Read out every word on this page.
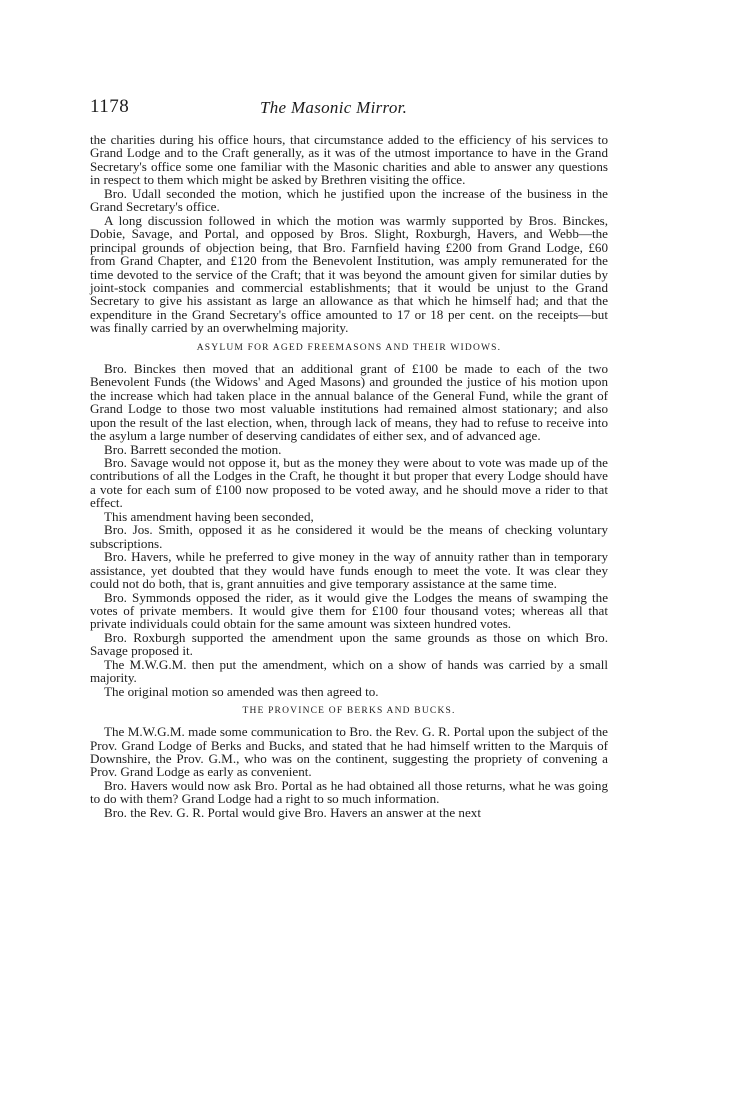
1178	The Masonic Mirror.

the charities during his office hours, that circumstance added to the efficiency of his services to Grand Lodge and to the Craft generally, as it was of the utmost importance to have in the Grand Secretary's office some one familiar with the Masonic charities and able to answer any questions in respect to them which might be asked by Brethren visiting the office.

Bro. Udall seconded the motion, which he justified upon the increase of the business in the Grand Secretary's office.

A long discussion followed in which the motion was warmly supported by Bros. Binckes, Dobie, Savage, and Portal, and opposed by Bros. Slight, Roxburgh, Havers, and Webb—the principal grounds of objection being, that Bro. Farnfield having £200 from Grand Lodge, £60 from Grand Chapter, and £120 from the Benevolent Institution, was amply remunerated for the time devoted to the service of the Craft; that it was beyond the amount given for similar duties by joint-stock companies and commercial establishments; that it would be unjust to the Grand Secretary to give his assistant as large an allowance as that which he himself had; and that the expenditure in the Grand Secretary's office amounted to 17 or 18 per cent. on the receipts—but was finally carried by an overwhelming majority.

ASYLUM FOR AGED FREEMASONS AND THEIR WIDOWS.

Bro. Binckes then moved that an additional grant of £100 be made to each of the two Benevolent Funds (the Widows' and Aged Masons) and grounded the justice of his motion upon the increase which had taken place in the annual balance of the General Fund, while the grant of Grand Lodge to those two most valuable institutions had remained almost stationary; and also upon the result of the last election, when, through lack of means, they had to refuse to receive into the asylum a large number of deserving candidates of either sex, and of advanced age.

Bro. Barrett seconded the motion.

Bro. Savage would not oppose it, but as the money they were about to vote was made up of the contributions of all the Lodges in the Craft, he thought it but proper that every Lodge should have a vote for each sum of £100 now proposed to be voted away, and he should move a rider to that effect.

This amendment having been seconded,

Bro. Jos. Smith, opposed it as he considered it would be the means of checking voluntary subscriptions.

Bro. Havers, while he preferred to give money in the way of annuity rather than in temporary assistance, yet doubted that they would have funds enough to meet the vote. It was clear they could not do both, that is, grant annuities and give temporary assistance at the same time.

Bro. Symmonds opposed the rider, as it would give the Lodges the means of swamping the votes of private members. It would give them for £100 four thousand votes; whereas all that private individuals could obtain for the same amount was sixteen hundred votes.

Bro. Roxburgh supported the amendment upon the same grounds as those on which Bro. Savage proposed it.

The M.W.G.M. then put the amendment, which on a show of hands was carried by a small majority.

The original motion so amended was then agreed to.

THE PROVINCE OF BERKS AND BUCKS.

The M.W.G.M. made some communication to Bro. the Rev. G. R. Portal upon the subject of the Prov. Grand Lodge of Berks and Bucks, and stated that he had himself written to the Marquis of Downshire, the Prov. G.M., who was on the continent, suggesting the propriety of convening a Prov. Grand Lodge as early as convenient.

Bro. Havers would now ask Bro. Portal as he had obtained all those returns, what he was going to do with them? Grand Lodge had a right to so much information.

Bro. the Rev. G. R. Portal would give Bro. Havers an answer at the next
